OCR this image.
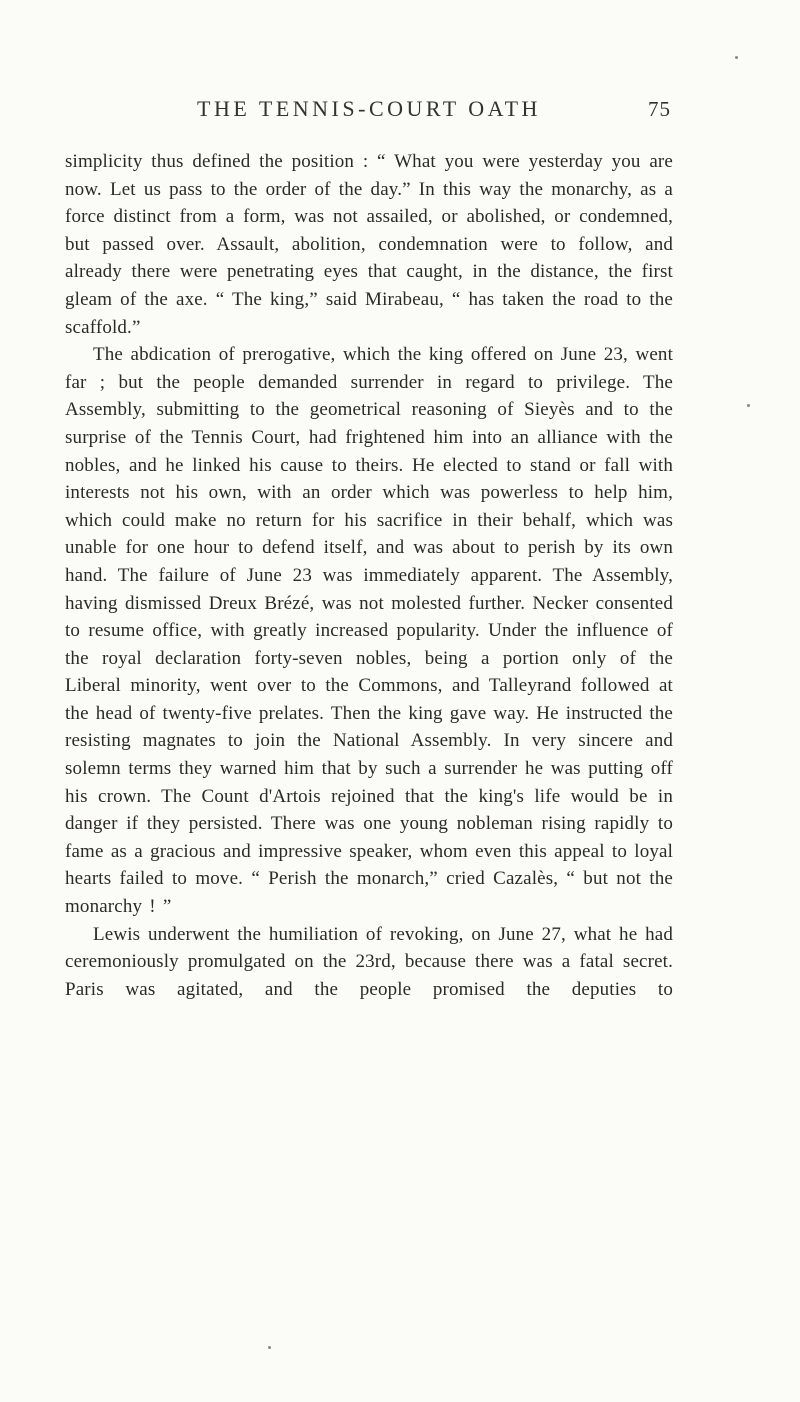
THE TENNIS-COURT OATH	75

simplicity thus defined the position : “ What you were yesterday you are now. Let us pass to the order of the day.” In this way the monarchy, as a force distinct from a form, was not assailed, or abolished, or condemned, but passed over. Assault, abolition, condemnation were to follow, and already there were penetrating eyes that caught, in the distance, the first gleam of the axe. “ The king,” said Mirabeau, “ has taken the road to the scaffold.”

The abdication of prerogative, which the king offered on June 23, went far ; but the people demanded surrender in regard to privilege. The Assembly, submitting to the geometrical reasoning of Sieyès and to the surprise of the Tennis Court, had frightened him into an alliance with the nobles, and he linked his cause to theirs. He elected to stand or fall with interests not his own, with an order which was powerless to help him, which could make no return for his sacrifice in their behalf, which was unable for one hour to defend itself, and was about to perish by its own hand. The failure of June 23 was immediately apparent. The Assembly, having dismissed Dreux Brézé, was not molested further. Necker consented to resume office, with greatly increased popularity. Under the influence of the royal declaration forty-seven nobles, being a portion only of the Liberal minority, went over to the Commons, and Talleyrand followed at the head of twenty-five prelates. Then the king gave way. He instructed the resisting magnates to join the National Assembly. In very sincere and solemn terms they warned him that by such a surrender he was putting off his crown. The Count d'Artois rejoined that the king's life would be in danger if they persisted. There was one young nobleman rising rapidly to fame as a gracious and impressive speaker, whom even this appeal to loyal hearts failed to move. “ Perish the monarch,” cried Cazalès, “ but not the monarchy ! ”

Lewis underwent the humiliation of revoking, on June 27, what he had ceremoniously promulgated on the 23rd, because there was a fatal secret. Paris was agitated, and the people promised the deputies to
